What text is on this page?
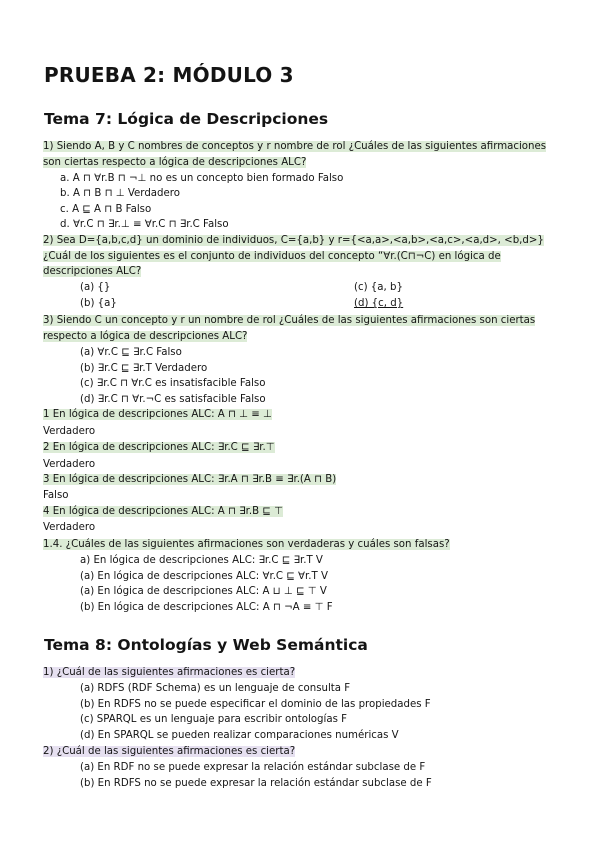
PRUEBA 2: MÓDULO 3
Tema 7: Lógica de Descripciones

1) Siendo A, B y C nombres de conceptos y r nombre de rol ¿Cuáles de las siguientes afirmaciones son ciertas respecto a lógica de descripciones ALC?

a. A ⊓ ∀r.B ⊓ ¬⊥ no es un concepto bien formado Falso
b. A ⊓ B ⊓ ⊥ Verdadero
c. A ⊑ A ⊓ B Falso
d. ∀r.C ⊓ ∃r.⊥ ≡ ∀r.C ⊓ ∃r.C Falso

2) Sea D={a,b,c,d} un dominio de individuos, C={a,b} y r={<a,a>,<a,b>,<a,c>,<a,d>, <b,d>} ¿Cuál de los siguientes es el conjunto de individuos del concepto “∀r.(C⊓¬C) en lógica de descripciones ALC?

(a) {}	(c) {a, b}
(b) {a}	(d) {c, d}

3) Siendo C un concepto y r un nombre de rol ¿Cuáles de las siguientes afirmaciones son ciertas respecto a lógica de descripciones ALC?

(a) ∀r.C ⊑ ∃r.C Falso
(b) ∃r.C ⊑ ∃r.T Verdadero
(c) ∃r.C ⊓ ∀r.C es insatisfacible Falso
(d) ∃r.C ⊓ ∀r.¬C es satisfacible Falso
1 En lógica de descripciones ALC: A ⊓ ⊥ ≡ ⊥
Verdadero
2 En lógica de descripciones ALC: ∃r.C ⊑ ∃r.⊤
Verdadero
3 En lógica de descripciones ALC: ∃r.A ⊓ ∃r.B ≡ ∃r.(A ⊓ B)
Falso
4 En lógica de descripciones ALC: A ⊓ ∃r.B ⊑ ⊤
Verdadero

1.4. ¿Cuáles de las siguientes afirmaciones son verdaderas y cuáles son falsas?

a) En lógica de descripciones ALC: ∃r.C ⊑ ∃r.T V
(a) En lógica de descripciones ALC: ∀r.C ⊑ ∀r.T V
(a) En lógica de descripciones ALC: A ⊔ ⊥ ⊑ ⊤ V
(b) En lógica de descripciones ALC: A ⊓ ¬A ≡ ⊤ F
Tema 8: Ontologías y Web Semántica

1) ¿Cuál de las siguientes afirmaciones es cierta?

(a) RDFS (RDF Schema) es un lenguaje de consulta F
(b) En RDFS no se puede especificar el dominio de las propiedades F
(c) SPARQL es un lenguaje para escribir ontologías F
(d) En SPARQL se pueden realizar comparaciones numéricas V

2) ¿Cuál de las siguientes afirmaciones es cierta?

(a) En RDF no se puede expresar la relación estándar subclase de F
(b) En RDFS no se puede expresar la relación estándar subclase de F
